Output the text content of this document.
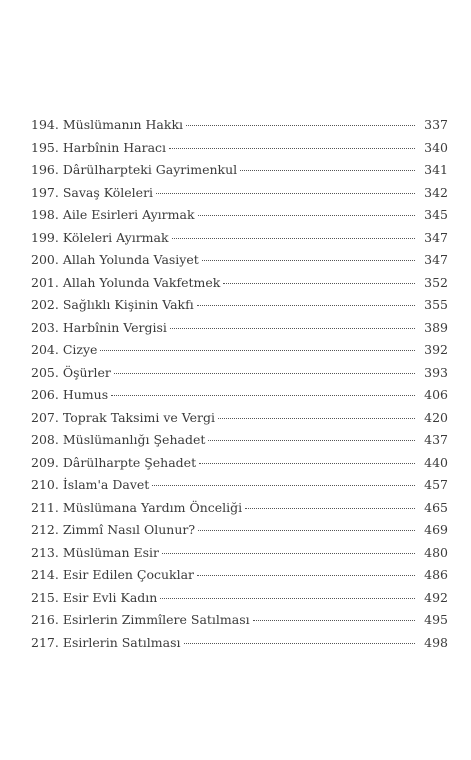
194. Müslümanın Hakkı	337
195. Harbînin Haracı	340
196. Dârülharpteki Gayrimenkul	341
197. Savaş Köleleri	342
198. Aile Esirleri Ayırmak	345
199. Köleleri Ayırmak	347
200. Allah Yolunda Vasiyet	347
201. Allah Yolunda Vakfetmek	352
202. Sağlıklı Kişinin Vakfı	355
203. Harbînin Vergisi	389
204. Cizye	392
205. Öşürler	393
206. Humus	406
207. Toprak Taksimi ve Vergi	420
208. Müslümanlığı Şehadet	437
209. Dârülharpte Şehadet	440
210. İslam'a Davet	457
211. Müslümana Yardım Önceliği	465
212. Zimmî Nasıl Olunur?	469
213. Müslüman Esir	480
214. Esir Edilen Çocuklar	486
215. Esir Evli Kadın	492
216. Esirlerin Zimmîlere Satılması	495
217. Esirlerin Satılması	498
